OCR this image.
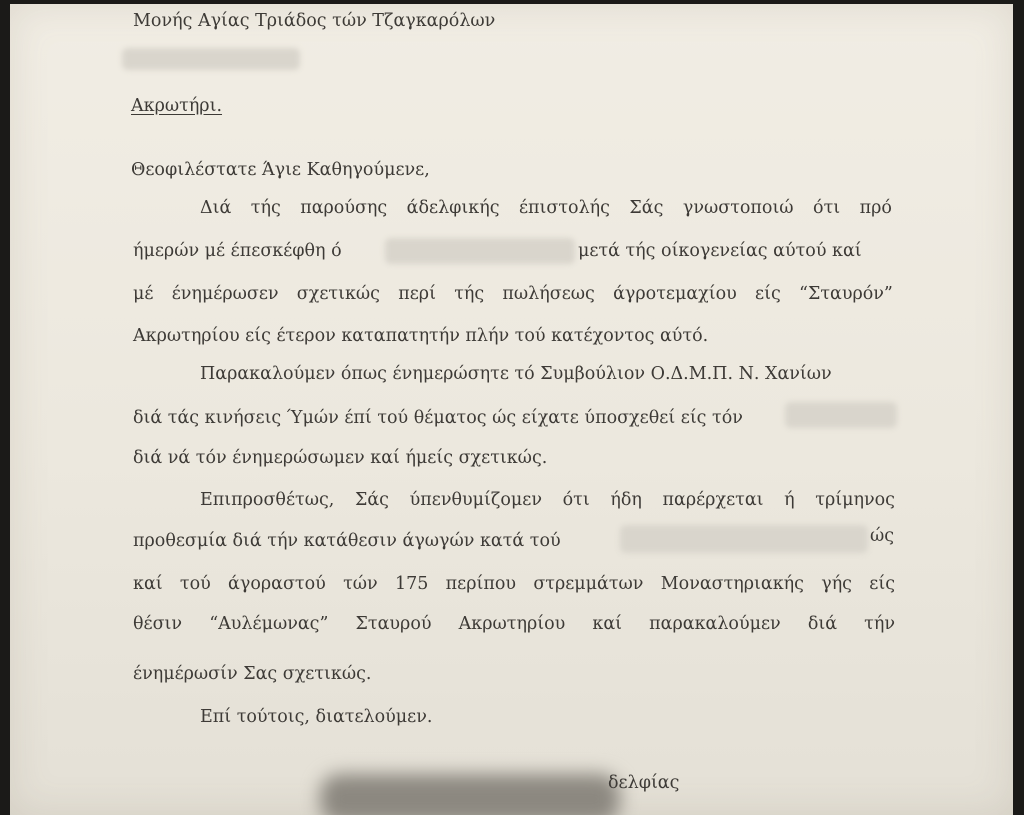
Μονής Αγίας Τριάδος τών Τζαγκαρόλων
Ακρωτήρι.
Θεοφιλέστατε Άγιε Καθηγούμενε,
Διά τής παρούσης άδελφικής έπιστολής Σάς γνωστοποιώ ότι πρό
ήμερών μέ έπεσκέφθη ό	μετά τής οίκογενείας αύτού καί
μέ ένημέρωσεν σχετικώς περί τής πωλήσεως άγροτεμαχίου είς “Σταυρόν”
Ακρωτηρίου είς έτερον καταπατητήν πλήν τού κατέχοντος αύτό.
Παρακαλούμεν όπως ένημερώσητε τό Συμβούλιον Ο.Δ.Μ.Π. Ν. Χανίων
διά τάς κινήσεις Ύμών έπί τού θέματος ώς είχατε ύποσχεθεί είς τόν
διά νά τόν ένημερώσωμεν καί ήμείς σχετικώς.
Επιπροσθέτως, Σάς ύπενθυμίζομεν ότι ήδη παρέρχεται ή τρίμηνος
προθεσμία διά τήν κατάθεσιν άγωγών κατά τού	ώς
καί τού άγοραστού τών 175 περίπου στρεμμάτων Μοναστηριακής γής είς
θέσιν “Αυλέμωνας” Σταυρού Ακρωτηρίου καί παρακαλούμεν διά τήν
ένημέρωσίν Σας σχετικώς.
Επί τούτοις, διατελούμεν.
δελφίας
